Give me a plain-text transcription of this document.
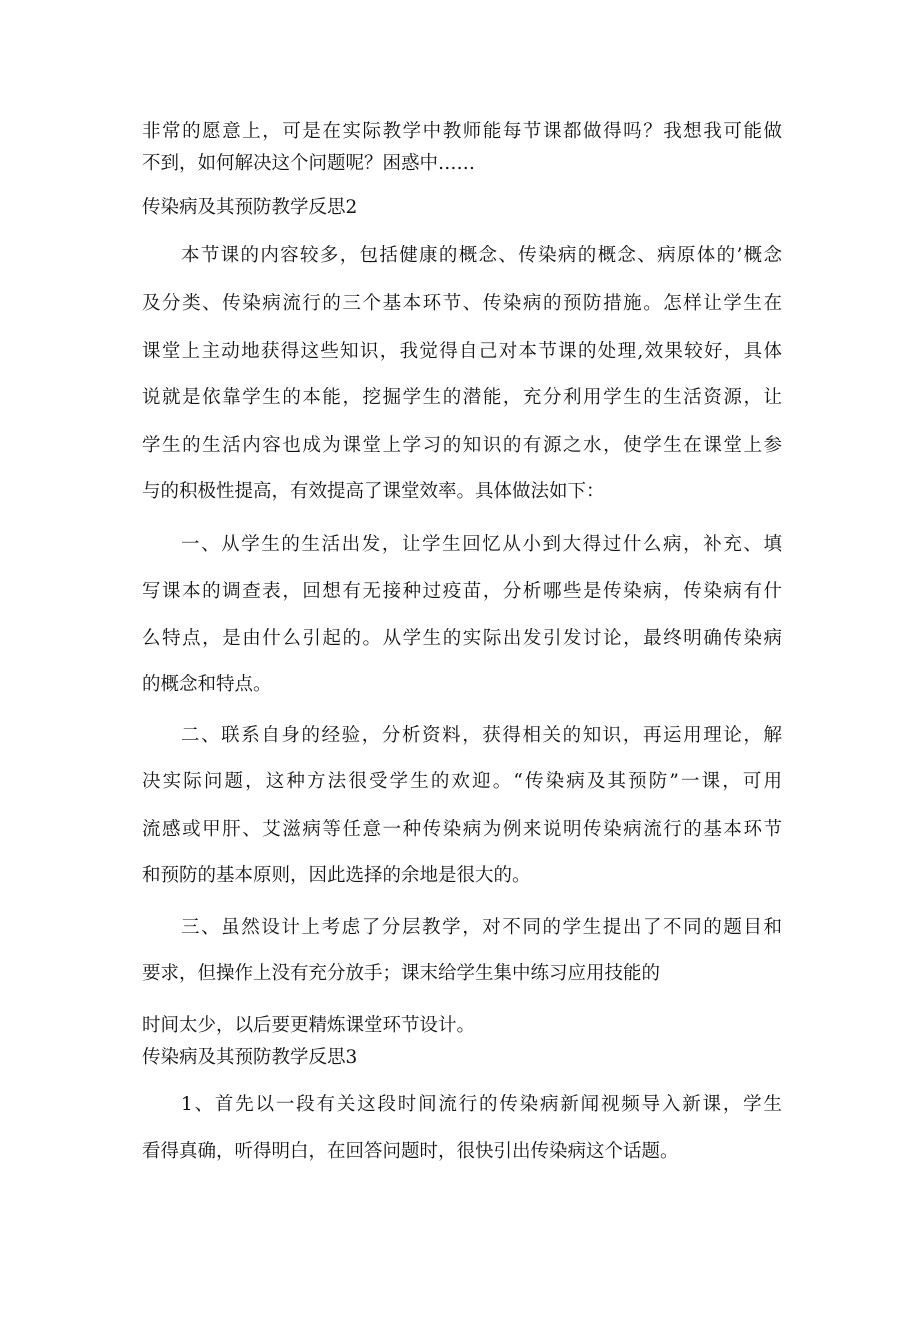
非常的愿意上，可是在实际教学中教师能每节课都做得吗？我想我可能做
不到，如何解决这个问题呢？困惑中……
传染病及其预防教学反思2
本节课的内容较多，包括健康的概念、传染病的概念、病原体的’概念
及分类、传染病流行的三个基本环节、传染病的预防措施。怎样让学生在
课堂上主动地获得这些知识，我觉得自己对本节课的处理,效果较好，具体
说就是依靠学生的本能，挖掘学生的潜能，充分利用学生的生活资源，让
学生的生活内容也成为课堂上学习的知识的有源之水，使学生在课堂上参
与的积极性提高，有效提高了课堂效率。具体做法如下：
一、从学生的生活出发，让学生回忆从小到大得过什么病，补充、填
写课本的调查表，回想有无接种过疫苗，分析哪些是传染病，传染病有什
么特点，是由什么引起的。从学生的实际出发引发讨论，最终明确传染病
的概念和特点。
二、联系自身的经验，分析资料，获得相关的知识，再运用理论，解
决实际问题，这种方法很受学生的欢迎。“传染病及其预防”一课，可用
流感或甲肝、艾滋病等任意一种传染病为例来说明传染病流行的基本环节
和预防的基本原则，因此选择的余地是很大的。
三、虽然设计上考虑了分层教学，对不同的学生提出了不同的题目和
要求，但操作上没有充分放手；课末给学生集中练习应用技能的
时间太少，以后要更精炼课堂环节设计。
传染病及其预防教学反思3
1、首先以一段有关这段时间流行的传染病新闻视频导入新课，学生
看得真确，听得明白，在回答问题时，很快引出传染病这个话题。
